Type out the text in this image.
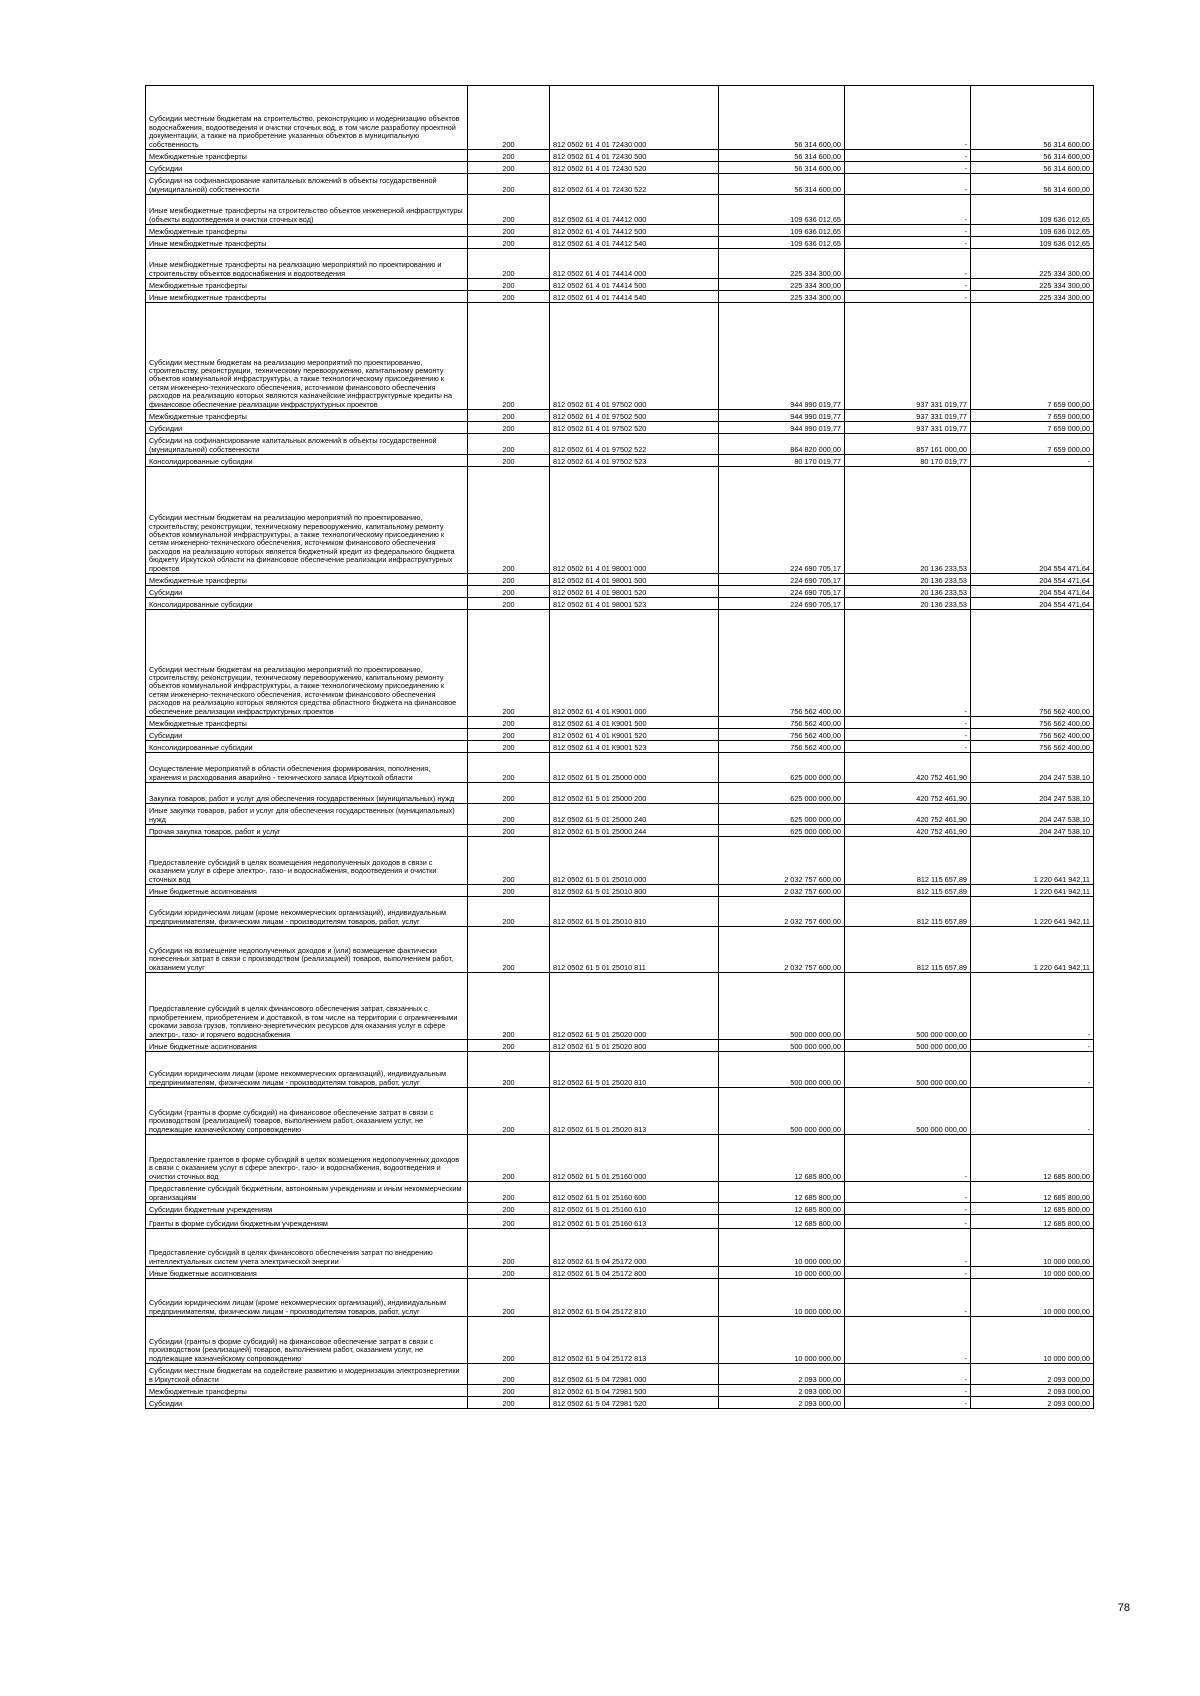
Субсидии местным бюджетам на строительство, реконструкцию и модернизацию объектов водоснабжения, водоотведения и очистки сточных вод, в том числе разработку проектной документации, а также на приобретение указанных объектов в муниципальную собственность	200	812 0502 61 4 01 72430 000	56 314 600,00	-	56 314 600,00
Межбюджетные трансферты	200	812 0502 61 4 01 72430 500	56 314 600,00	-	56 314 600,00
Субсидии	200	812 0502 61 4 01 72430 520	56 314 600,00	-	56 314 600,00
Субсидии на софинансирование капитальных вложений в объекты государственной (муниципальной) собственности	200	812 0502 61 4 01 72430 522	56 314 600,00	-	56 314 600,00
Иные межбюджетные трансферты на строительство объектов инженерной инфраструктуры (объекты водоотведения и очистки сточных вод)	200	812 0502 61 4 01 74412 000	109 636 012,65	-	109 636 012,65
Межбюджетные трансферты	200	812 0502 61 4 01 74412 500	109 636 012,65	-	109 636 012,65
Иные межбюджетные трансферты	200	812 0502 61 4 01 74412 540	109 636 012,65	-	109 636 012,65
Иные межбюджетные трансферты на реализацию мероприятий по проектированию и строительству объектов водоснабжения и водоотведения	200	812 0502 61 4 01 74414 000	225 334 300,00	-	225 334 300,00
Межбюджетные трансферты	200	812 0502 61 4 01 74414 500	225 334 300,00	-	225 334 300,00
Иные межбюджетные трансферты	200	812 0502 61 4 01 74414 540	225 334 300,00	-	225 334 300,00
Субсидии местным бюджетам на реализацию мероприятий по проектированию, строительству, реконструкции, техническому перевооружению, капитальному ремонту объектов коммунальной инфраструктуры, а также технологическому присоединению к сетям инженерно-технического обеспечения, источником финансового обеспечения расходов на реализацию которых являются казначейские инфраструктурные кредиты на финансовое обеспечение реализации инфраструктурных проектов	200	812 0502 61 4 01 97502 000	944 990 019,77	937 331 019,77	7 659 000,00
Межбюджетные трансферты	200	812 0502 61 4 01 97502 500	944 990 019,77	937 331 019,77	7 659 000,00
Субсидии	200	812 0502 61 4 01 97502 520	944 990 019,77	937 331 019,77	7 659 000,00
Субсидии на софинансирование капитальных вложений в объекты государственной (муниципальной) собственности	200	812 0502 61 4 01 97502 522	864 820 000,00	857 161 000,00	7 659 000,00
Консолидированные субсидии	200	812 0502 61 4 01 97502 523	80 170 019,77	80 170 019,77	-
Субсидии местным бюджетам на реализацию мероприятий по проектированию, строительству, реконструкции, техническому перевооружению, капитальному ремонту объектов коммунальной инфраструктуры, а также технологическому присоединению к сетям инженерно-технического обеспечения, источником финансового обеспечения расходов на реализацию которых является бюджетный кредит из федерального бюджета бюджету Иркутской области на финансовое обеспечение реализации инфраструктурных проектов	200	812 0502 61 4 01 98001 000	224 690 705,17	20 136 233,53	204 554 471,64
Межбюджетные трансферты	200	812 0502 61 4 01 98001 500	224 690 705,17	20 136 233,53	204 554 471,64
Субсидии	200	812 0502 61 4 01 98001 520	224 690 705,17	20 136 233,53	204 554 471,64
Консолидированные субсидии	200	812 0502 61 4 01 98001 523	224 690 705,17	20 136 233,53	204 554 471,64
Субсидии местным бюджетам на реализацию мероприятий по проектированию, строительству, реконструкции, техническому перевооружению, капитальному ремонту объектов коммунальной инфраструктуры, а также технологическому присоединению к сетям инженерно-технического обеспечения, источником финансового обеспечения расходов на реализацию которых являются средства областного бюджета на финансовое обеспечение реализации инфраструктурных проектов	200	812 0502 61 4 01 К9001 000	756 562 400,00	-	756 562 400,00
Межбюджетные трансферты	200	812 0502 61 4 01 К9001 500	756 562 400,00	-	756 562 400,00
Субсидии	200	812 0502 61 4 01 К9001 520	756 562 400,00	-	756 562 400,00
Консолидированные субсидии	200	812 0502 61 4 01 К9001 523	756 562 400,00	-	756 562 400,00
Осуществление мероприятий в области обеспечения формирования, пополнения, хранения и расходования аварийно - технического запаса Иркутской области	200	812 0502 61 5 01 25000 000	625 000 000,00	420 752 461,90	204 247 538,10
Закупка товаров, работ и услуг для обеспечения государственных (муниципальных) нужд	200	812 0502 61 5 01 25000 200	625 000 000,00	420 752 461,90	204 247 538,10
Иные закупки товаров, работ и услуг для обеспечения государственных (муниципальных) нужд	200	812 0502 61 5 01 25000 240	625 000 000,00	420 752 461,90	204 247 538,10
Прочая закупка товаров, работ и услуг	200	812 0502 61 5 01 25000 244	625 000 000,00	420 752 461,90	204 247 538,10
Предоставление субсидий в целях возмещения недополученных доходов в связи с оказанием услуг в сфере электро-, газо- и водоснабжения, водоотведения и очистки сточных вод	200	812 0502 61 5 01 25010 000	2 032 757 600,00	812 115 657,89	1 220 641 942,11
Иные бюджетные ассигнования	200	812 0502 61 5 01 25010 800	2 032 757 600,00	812 115 657,89	1 220 641 942,11
Субсидии юридическим лицам (кроме некоммерческих организаций), индивидуальным предпринимателям, физическим лицам - производителям товаров, работ, услуг	200	812 0502 61 5 01 25010 810	2 032 757 600,00	812 115 657,89	1 220 641 942,11
Субсидии на возмещение недополученных доходов и (или) возмещение фактически понесенных затрат в связи с производством (реализацией) товаров, выполнением работ, оказанием услуг	200	812 0502 61 5 01 25010 811	2 032 757 600,00	812 115 657,89	1 220 641 942,11
Предоставление субсидий в целях финансового обеспечения затрат, связанных с приобретением, приобретением и доставкой, в том числе на территории с ограниченными сроками завоза грузов, топливно-энергетических ресурсов для оказания услуг в сфере электро-, газо- и горячего водоснабжения	200	812 0502 61 5 01 25020 000	500 000 000,00	500 000 000,00	-
Иные бюджетные ассигнования	200	812 0502 61 5 01 25020 800	500 000 000,00	500 000 000,00	-
Субсидии юридическим лицам (кроме некоммерческих организаций), индивидуальным предпринимателям, физическим лицам - производителям товаров, работ, услуг	200	812 0502 61 5 01 25020 810	500 000 000,00	500 000 000,00	-
Субсидии (гранты в форме субсидий) на финансовое обеспечение затрат в связи с производством (реализацией) товаров, выполнением работ, оказанием услуг, не подлежащие казначейскому сопровождению	200	812 0502 61 5 01 25020 813	500 000 000,00	500 000 000,00	-
Предоставление грантов в форме субсидий в целях возмещения недополученных доходов в связи с оказанием услуг в сфере электро-, газо- и водоснабжения, водоотведения и очистки сточных вод	200	812 0502 61 5 01 25160 000	12 685 800,00	-	12 685 800,00
Предоставление субсидий бюджетным, автономным учреждениям и иным некоммерческим организациям	200	812 0502 61 5 01 25160 600	12 685 800,00	-	12 685 800,00
Субсидии бюджетным учреждениям	200	812 0502 61 5 01 25160 610	12 685 800,00	-	12 685 800,00
Гранты в форме субсидии бюджетным учреждениям	200	812 0502 61 5 01 25160 613	12 685 800,00	-	12 685 800,00
Предоставление субсидий в целях финансового обеспечения затрат по внедрению интеллектуальных систем учета электрической энергии	200	812 0502 61 5 04 25172 000	10 000 000,00	-	10 000 000,00
Иные бюджетные ассигнования	200	812 0502 61 5 04 25172 800	10 000 000,00	-	10 000 000,00
Субсидии юридическим лицам (кроме некоммерческих организаций), индивидуальным предпринимателям, физическим лицам - производителям товаров, работ, услуг	200	812 0502 61 5 04 25172 810	10 000 000,00	-	10 000 000,00
Субсидии (гранты в форме субсидий) на финансовое обеспечение затрат в связи с производством (реализацией) товаров, выполнением работ, оказанием услуг, не подлежащие казначейскому сопровождению	200	812 0502 61 5 04 25172 813	10 000 000,00	-	10 000 000,00
Субсидии местным бюджетам на содействие развитию и модернизации электроэнергетики в Иркутской области	200	812 0502 61 5 04 72981 000	2 093 000,00	-	2 093 000,00
Межбюджетные трансферты	200	812 0502 61 5 04 72981 500	2 093 000,00	-	2 093 000,00
Субсидии	200	812 0502 61 5 04 72981 520	2 093 000,00	-	2 093 000,00
78
